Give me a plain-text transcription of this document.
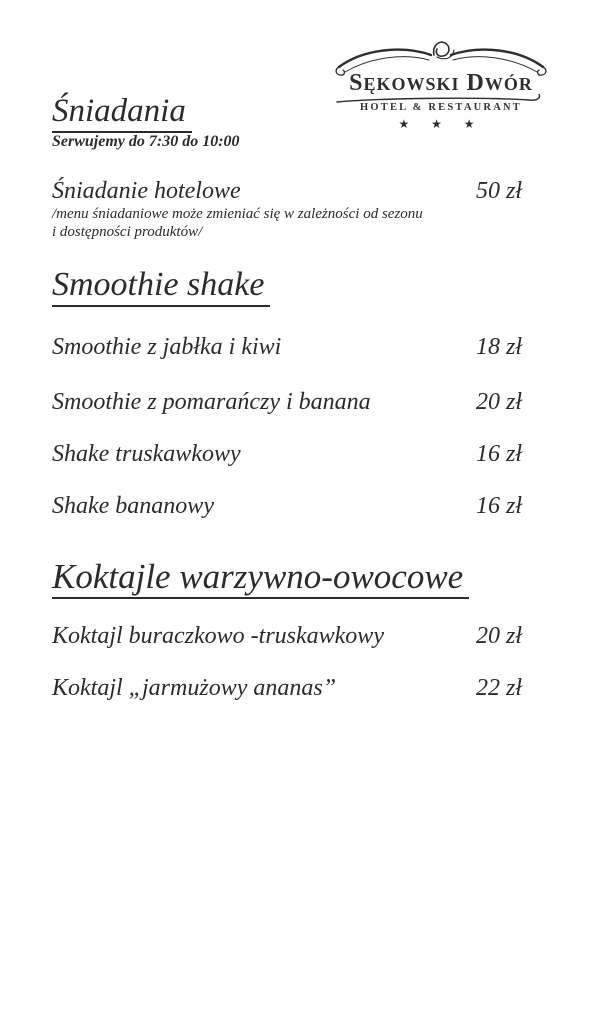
SĘKOWSKI DWÓR
HOTEL & RESTAURANT
★ ★ ★
Śniadania
Serwujemy do 7:30 do 10:00
Śniadanie hotelowe	50 zł
/menu śniadaniowe może zmieniać się w zależności od sezonu
i dostępności produktów/
Smoothie shake
Smoothie z jabłka i kiwi	18 zł
Smoothie z pomarańczy i banana	20 zł
Shake truskawkowy	16 zł
Shake bananowy	16 zł
Koktajle warzywno-owocowe
Koktajl buraczkowo -truskawkowy	20 zł
Koktajl „jarmużowy ananas”	22 zł
